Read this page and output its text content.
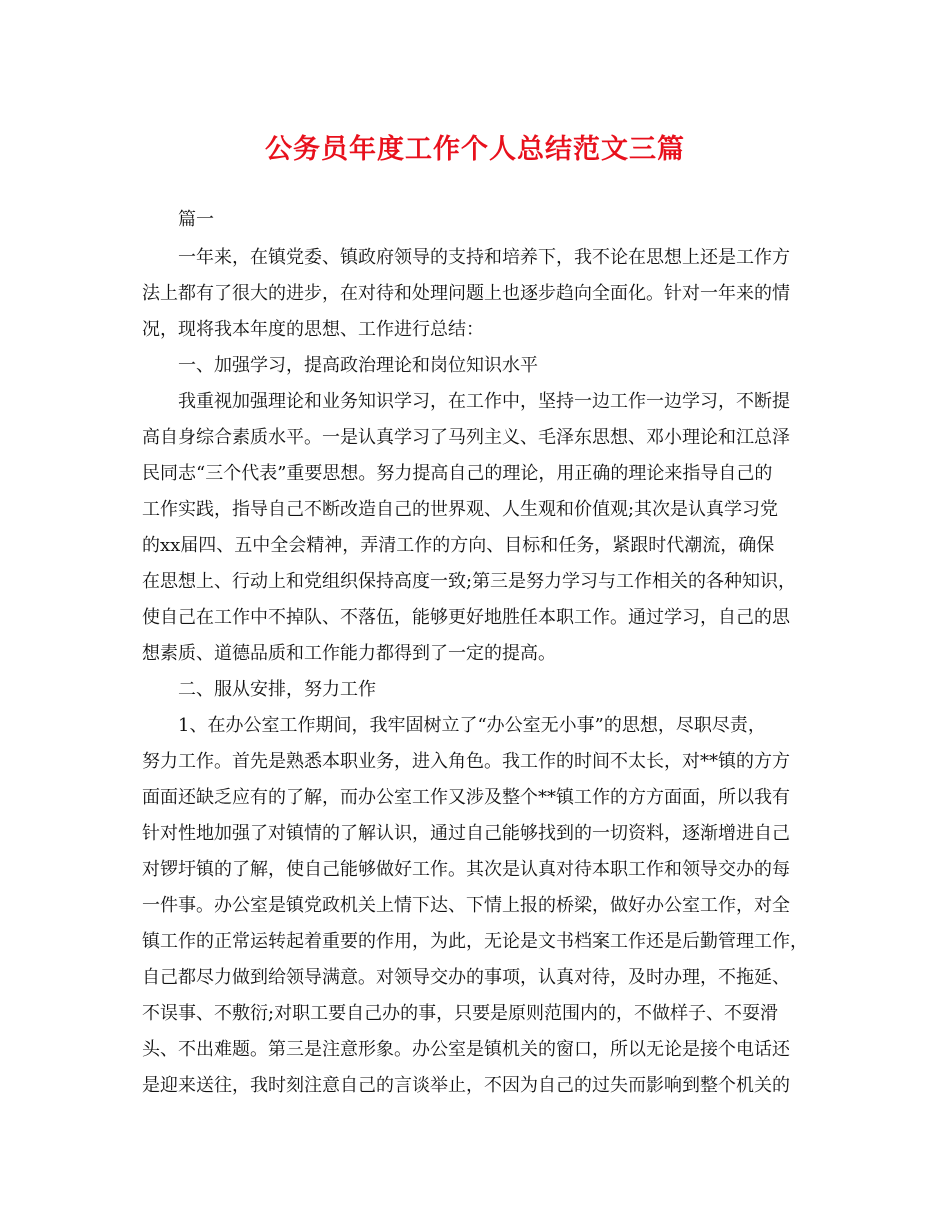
公务员年度工作个人总结范文三篇

篇一

一年来，在镇党委、镇政府领导的支持和培养下，我不论在思想上还是工作方

法上都有了很大的进步，在对待和处理问题上也逐步趋向全面化。针对一年来的情

况，现将我本年度的思想、工作进行总结：

一、加强学习，提高政治理论和岗位知识水平

我重视加强理论和业务知识学习，在工作中，坚持一边工作一边学习，不断提

高自身综合素质水平。一是认真学习了马列主义、毛泽东思想、邓小理论和江总泽

民同志“三个代表”重要思想。努力提高自己的理论，用正确的理论来指导自己的

工作实践，指导自己不断改造自己的世界观、人生观和价值观;其次是认真学习党

的xx届四、五中全会精神，弄清工作的方向、目标和任务，紧跟时代潮流，确保

在思想上、行动上和党组织保持高度一致;第三是努力学习与工作相关的各种知识，

使自己在工作中不掉队、不落伍，能够更好地胜任本职工作。通过学习，自己的思

想素质、道德品质和工作能力都得到了一定的提高。

二、服从安排，努力工作

1、在办公室工作期间，我牢固树立了“办公室无小事”的思想，尽职尽责，

努力工作。首先是熟悉本职业务，进入角色。我工作的时间不太长，对**镇的方方

面面还缺乏应有的了解，而办公室工作又涉及整个**镇工作的方方面面，所以我有

针对性地加强了对镇情的了解认识，通过自己能够找到的一切资料，逐渐增进自己

对锣圩镇的了解，使自己能够做好工作。其次是认真对待本职工作和领导交办的每

一件事。办公室是镇党政机关上情下达、下情上报的桥梁，做好办公室工作，对全

镇工作的正常运转起着重要的作用，为此，无论是文书档案工作还是后勤管理工作，

自己都尽力做到给领导满意。对领导交办的事项，认真对待，及时办理，不拖延、

不误事、不敷衍;对职工要自己办的事，只要是原则范围内的，不做样子、不耍滑

头、不出难题。第三是注意形象。办公室是镇机关的窗口，所以无论是接个电话还

是迎来送往，我时刻注意自己的言谈举止，不因为自己的过失而影响到整个机关的
